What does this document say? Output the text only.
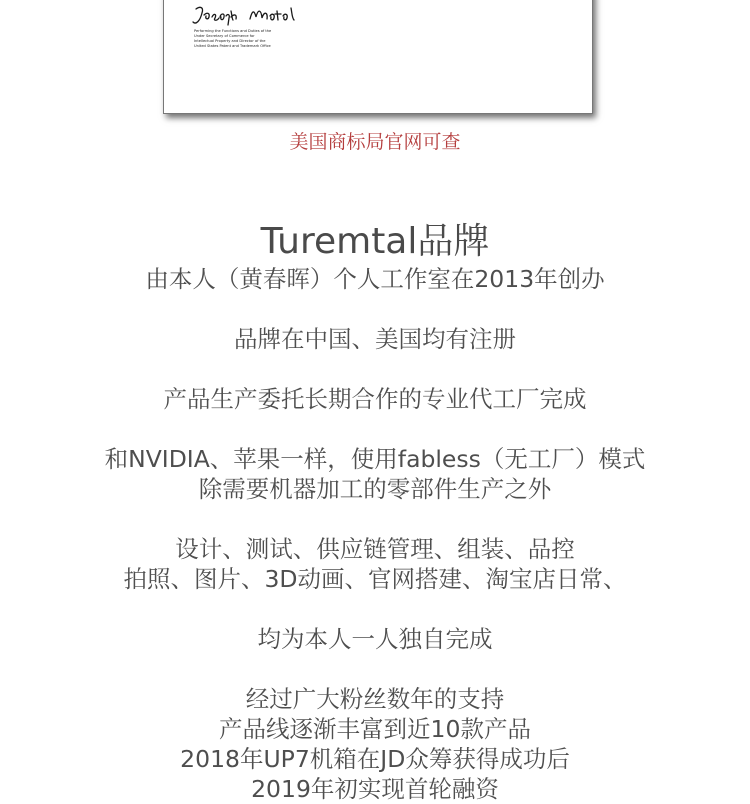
Performing the Functions and Duties of the
Under Secretary of Commerce for
Intellectual Property and Director of the
United States Patent and Trademark Office
美国商标局官网可查
Turemtal品牌
由本人（黄春晖）个人工作室在2013年创办
品牌在中国、美国均有注册
产品生产委托长期合作的专业代工厂完成
和NVIDIA、苹果一样，使用fabless（无工厂）模式
除需要机器加工的零部件生产之外
设计、测试、供应链管理、组装、品控
拍照、图片、3D动画、官网搭建、淘宝店日常、
均为本人一人独自完成
经过广大粉丝数年的支持
产品线逐渐丰富到近10款产品
2018年UP7机箱在JD众筹获得成功后
2019年初实现首轮融资
